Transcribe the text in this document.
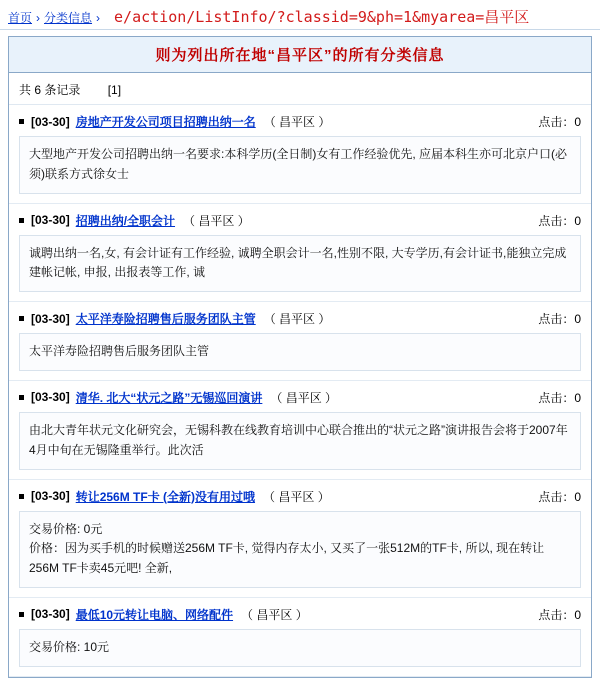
首页 › 分类信息 › e/action/ListInfo/?classid=9&ph=1&myarea=昌平区
则为列出所在地“昌平区”的所有分类信息
共 6 条记录 [1]
[03-30] 房地产开发公司项目招聘出纳一名 （ 昌平区 ）	点击：0

大型地产开发公司招聘出纳一名要求:本科学历(全日制)女有工作经验优先, 应届本科生亦可北京户口(必须)联系方式徐女士

[03-30] 招聘出纳/全职会计 （ 昌平区 ）	点击：0

诚聘出纳一名,女, 有会计证有工作经验, 诚聘全职会计一名,性别不限, 大专学历,有会计证书,能独立完成建帐记帐, 申报, 出报表等工作, 诚

[03-30] 太平洋寿险招聘售后服务团队主管 （ 昌平区 ）	点击：0

太平洋寿险招聘售后服务团队主管

[03-30] 清华. 北大“状元之路”无锡巡回演讲 （ 昌平区 ）	点击：0

由北大青年状元文化研究会，无锡科教在线教育培训中心联合推出的“状元之路”演讲报告会将于2007年4月中旬在无锡隆重举行。此次活

[03-30] 转让256M TF卡 (全新)没有用过哦 （ 昌平区 ）	点击：0

交易价格: 0元

价格：因为买手机的时候赠送256M TF卡, 觉得内存太小, 又买了一张512M的TF卡, 所以, 现在转让256M TF卡卖45元吧! 全新,

[03-30] 最低10元转让电脑、网络配件 （ 昌平区 ）	点击：0

交易价格: 10元
